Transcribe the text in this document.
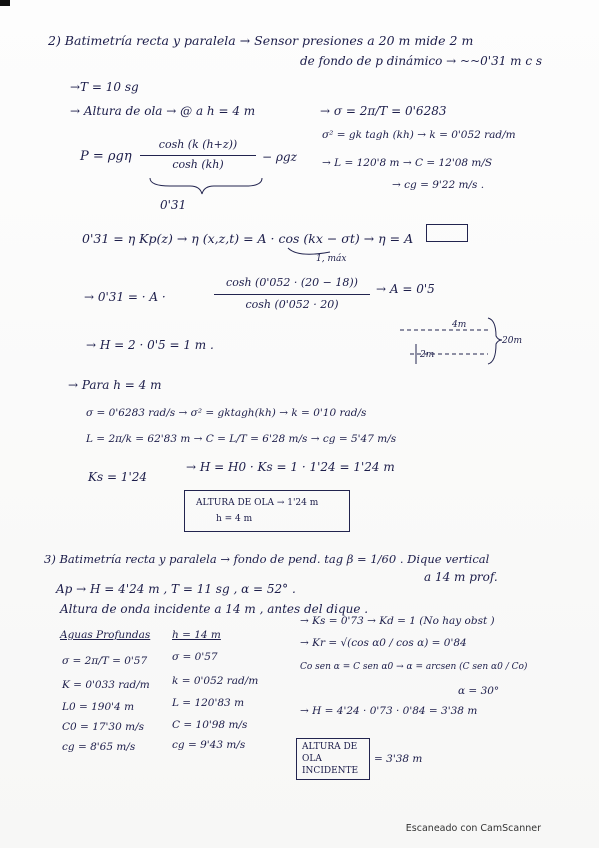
2) Batimetría recta y paralela → Sensor presiones a 20 m mide 2 m
de fondo de p dinámico → ~~0'31 m c s
→T = 10 sg
→ Altura de ola → @ a h = 4 m	→ σ = 2π/T = 0'6283
P = ρgη
cosh (k (h+z))
cosh (kh)
− ρgz
0'31
σ² = gk tagh (kh) → k = 0'052 rad/m
→ L = 120'8 m → C = 12'08 m/S
→ cg = 9'22 m/s .
0'31 = η Kp(z) → η (x,z,t) = A · cos (kx − σt) → η = A
1, máx
→ 0'31 = · A ·
cosh (0'052 · (20 − 18))
cosh (0'052 · 20)
→ A = 0'5
→ H = 2 · 0'5 = 1 m .
4m
20m
2m
→ Para h = 4 m
σ = 0'6283 rad/s → σ² = gktagh(kh) → k = 0'10 rad/s
L = 2π/k = 62'83 m → C = L/T = 6'28 m/s → cg = 5'47 m/s
Ks = 1'24
→ H = H0 · Ks = 1 · 1'24 = 1'24 m
ALTURA DE OLA → 1'24 m
h = 4 m
3) Batimetría recta y paralela → fondo de pend. tag β = 1/60 . Dique vertical
a 14 m prof.
Ap → H = 4'24 m , T = 11 sg , α = 52° .
Altura de onda incidente a 14 m , antes del dique .
Aguas Profundas h = 14 m
σ = 2π/T = 0'57
K = 0'033 rad/m
L0 = 190'4 m
C0 = 17'30 m/s
cg = 8'65 m/s
σ = 0'57
k = 0'052 rad/m
L = 120'83 m
C = 10'98 m/s
cg = 9'43 m/s
→ Ks = 0'73 → Kd = 1 (No hay obst )
→ Kr = √(cos α0 / cos α) = 0'84
Co sen α = C sen α0 → α = arcsen (C sen α0 / Co)
α = 30°
→ H = 4'24 · 0'73 · 0'84 = 3'38 m
ALTURA DE
OLA
INCIDENTE
= 3'38 m
Escaneado con CamScanner
